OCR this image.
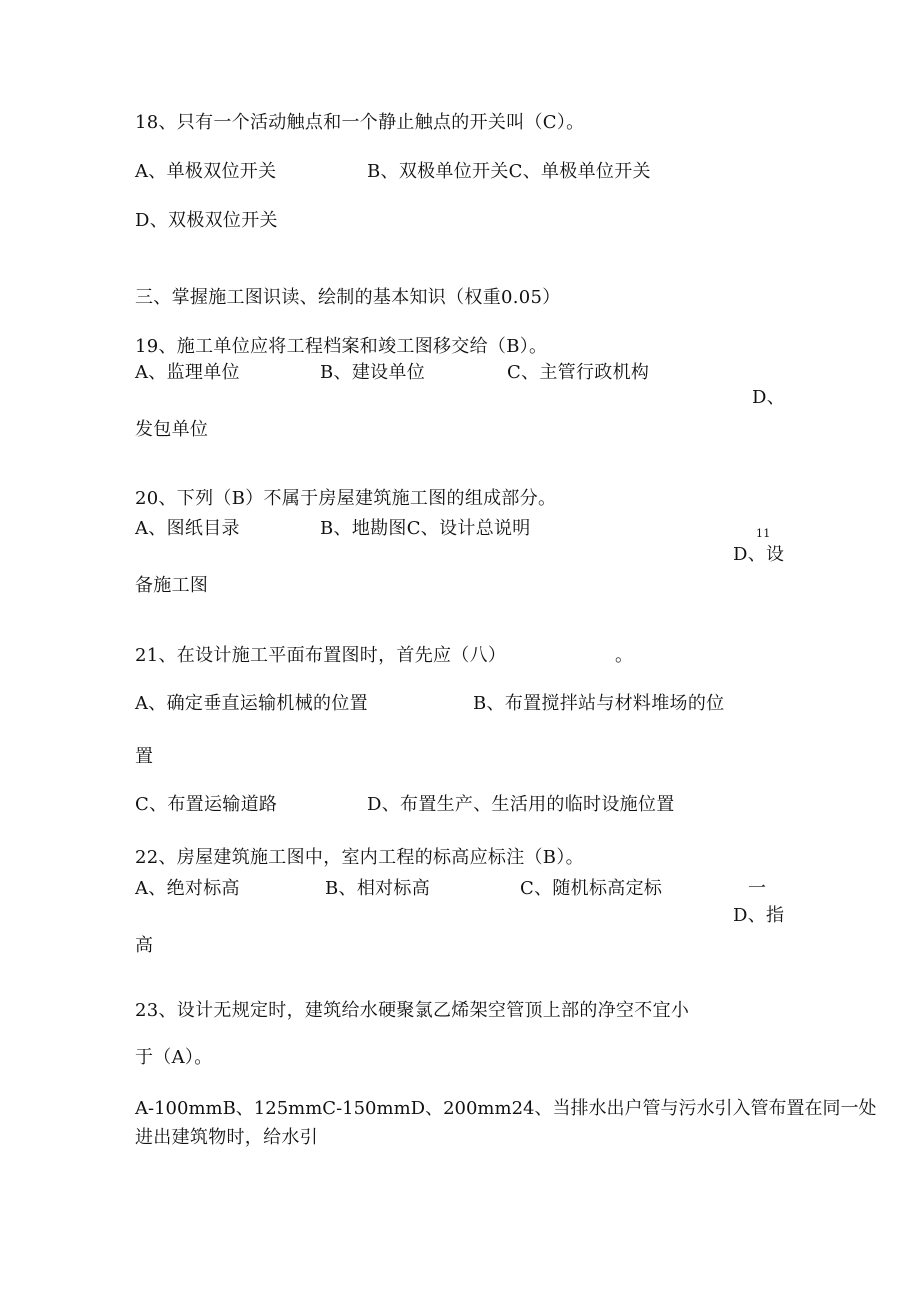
18、只有一个活动触点和一个静止触点的开关叫（C）。
A、单极双位开关	B、双极单位开关C、单极单位开关
D、双极双位开关
三、掌握施工图识读、绘制的基本知识（权重0.05）
19、施工单位应将工程档案和竣工图移交给（B）。
A、监理单位	B、建设单位	C、主管行政机构
D、
发包单位
20、下列（B）不属于房屋建筑施工图的组成部分。
A、图纸目录	B、地勘图C、设计总说明	11
D、设
备施工图
21、在设计施工平面布置图时，首先应（八）	。
A、确定垂直运输机械的位置	B、布置搅拌站与材料堆场的位
置
C、布置运输道路	D、布置生产、生活用的临时设施位置
22、房屋建筑施工图中，室内工程的标高应标注（B）。
A、绝对标高	B、相对标高	C、随机标高定标	一
D、指
高
23、设计无规定时，建筑给水硬聚氯乙烯架空管顶上部的净空不宜小
于（A）。
A-100mmB、125mmC-150mmD、200mm24、当排水出户管与污水引入管布置在同一处
进出建筑物时，给水引
